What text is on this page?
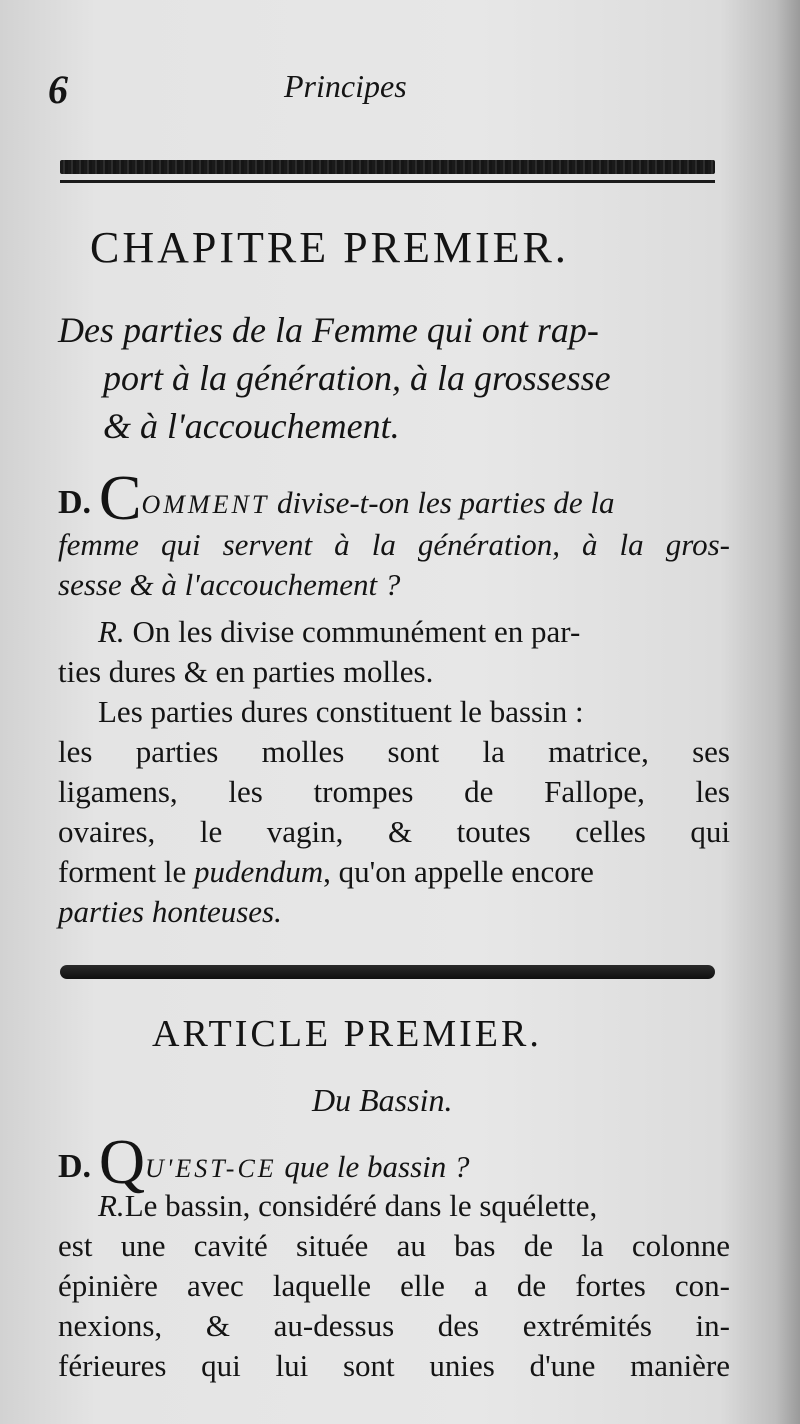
6	Principes
CHAPITRE PREMIER.
Des parties de la Femme qui ont rap-
port à la génération, à la grossesse
& à l'accouchement.
D. COMMENT divise-t-on les parties de la
femme qui servent à la génération, à la gros-
sesse & à l'accouchement ?
R. On les divise communément en par-
ties dures & en parties molles.
Les parties dures constituent le bassin :
les parties molles sont la matrice, ses
ligamens, les trompes de Fallope, les
ovaires, le vagin, & toutes celles qui
forment le pudendum, qu'on appelle encore
parties honteuses.
ARTICLE PREMIER.
Du Bassin.
D. QU'EST-CE que le bassin ?
R.Le bassin, considéré dans le squélette,
est une cavité située au bas de la colonne
épinière avec laquelle elle a de fortes con-
nexions, & au-dessus des extrémités in-
férieures qui lui sont unies d'une manière
